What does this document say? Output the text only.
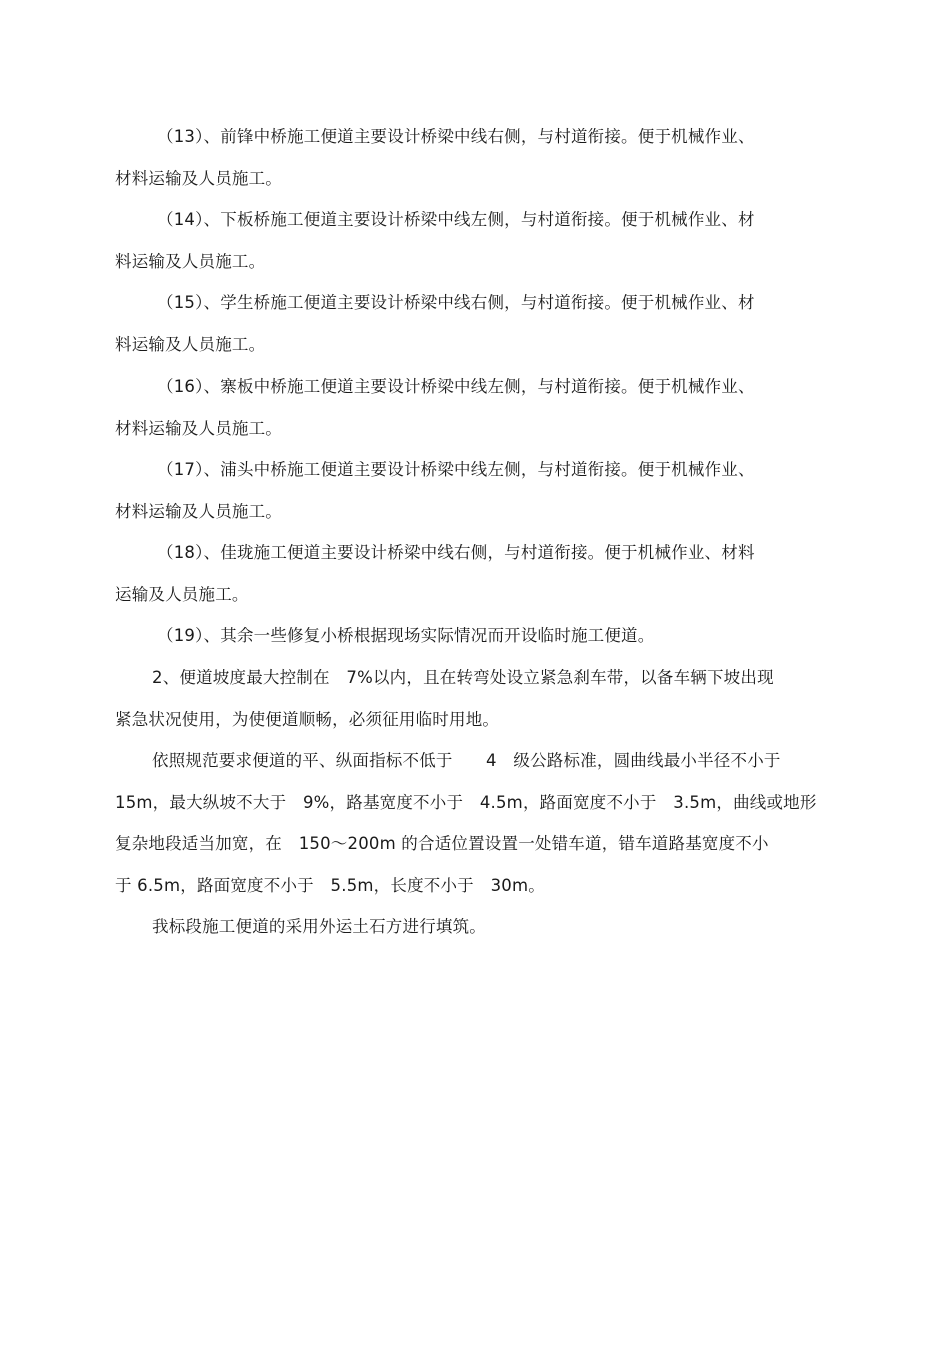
（13）、前锋中桥施工便道主要设计桥梁中线右侧，与村道衔接。便于机械作业、
材料运输及人员施工。
（14）、下板桥施工便道主要设计桥梁中线左侧，与村道衔接。便于机械作业、材
料运输及人员施工。
（15）、学生桥施工便道主要设计桥梁中线右侧，与村道衔接。便于机械作业、材
料运输及人员施工。
（16）、寨板中桥施工便道主要设计桥梁中线左侧，与村道衔接。便于机械作业、
材料运输及人员施工。
（17）、浦头中桥施工便道主要设计桥梁中线左侧，与村道衔接。便于机械作业、
材料运输及人员施工。
（18）、佳珑施工便道主要设计桥梁中线右侧，与村道衔接。便于机械作业、材料
运输及人员施工。
（19）、其余一些修复小桥根据现场实际情况而开设临时施工便道。
2、便道坡度最大控制在　7%以内，且在转弯处设立紧急刹车带，以备车辆下坡出现
紧急状况使用，为使便道顺畅，必须征用临时用地。
依照规范要求便道的平、纵面指标不低于　　4　级公路标准，圆曲线最小半径不小于
15m，最大纵坡不大于　9%，路基宽度不小于　4.5m，路面宽度不小于　3.5m，曲线或地形
复杂地段适当加宽，在　150～200m 的合适位置设置一处错车道，错车道路基宽度不小
于 6.5m，路面宽度不小于　5.5m，长度不小于　30m。
我标段施工便道的采用外运土石方进行填筑。
